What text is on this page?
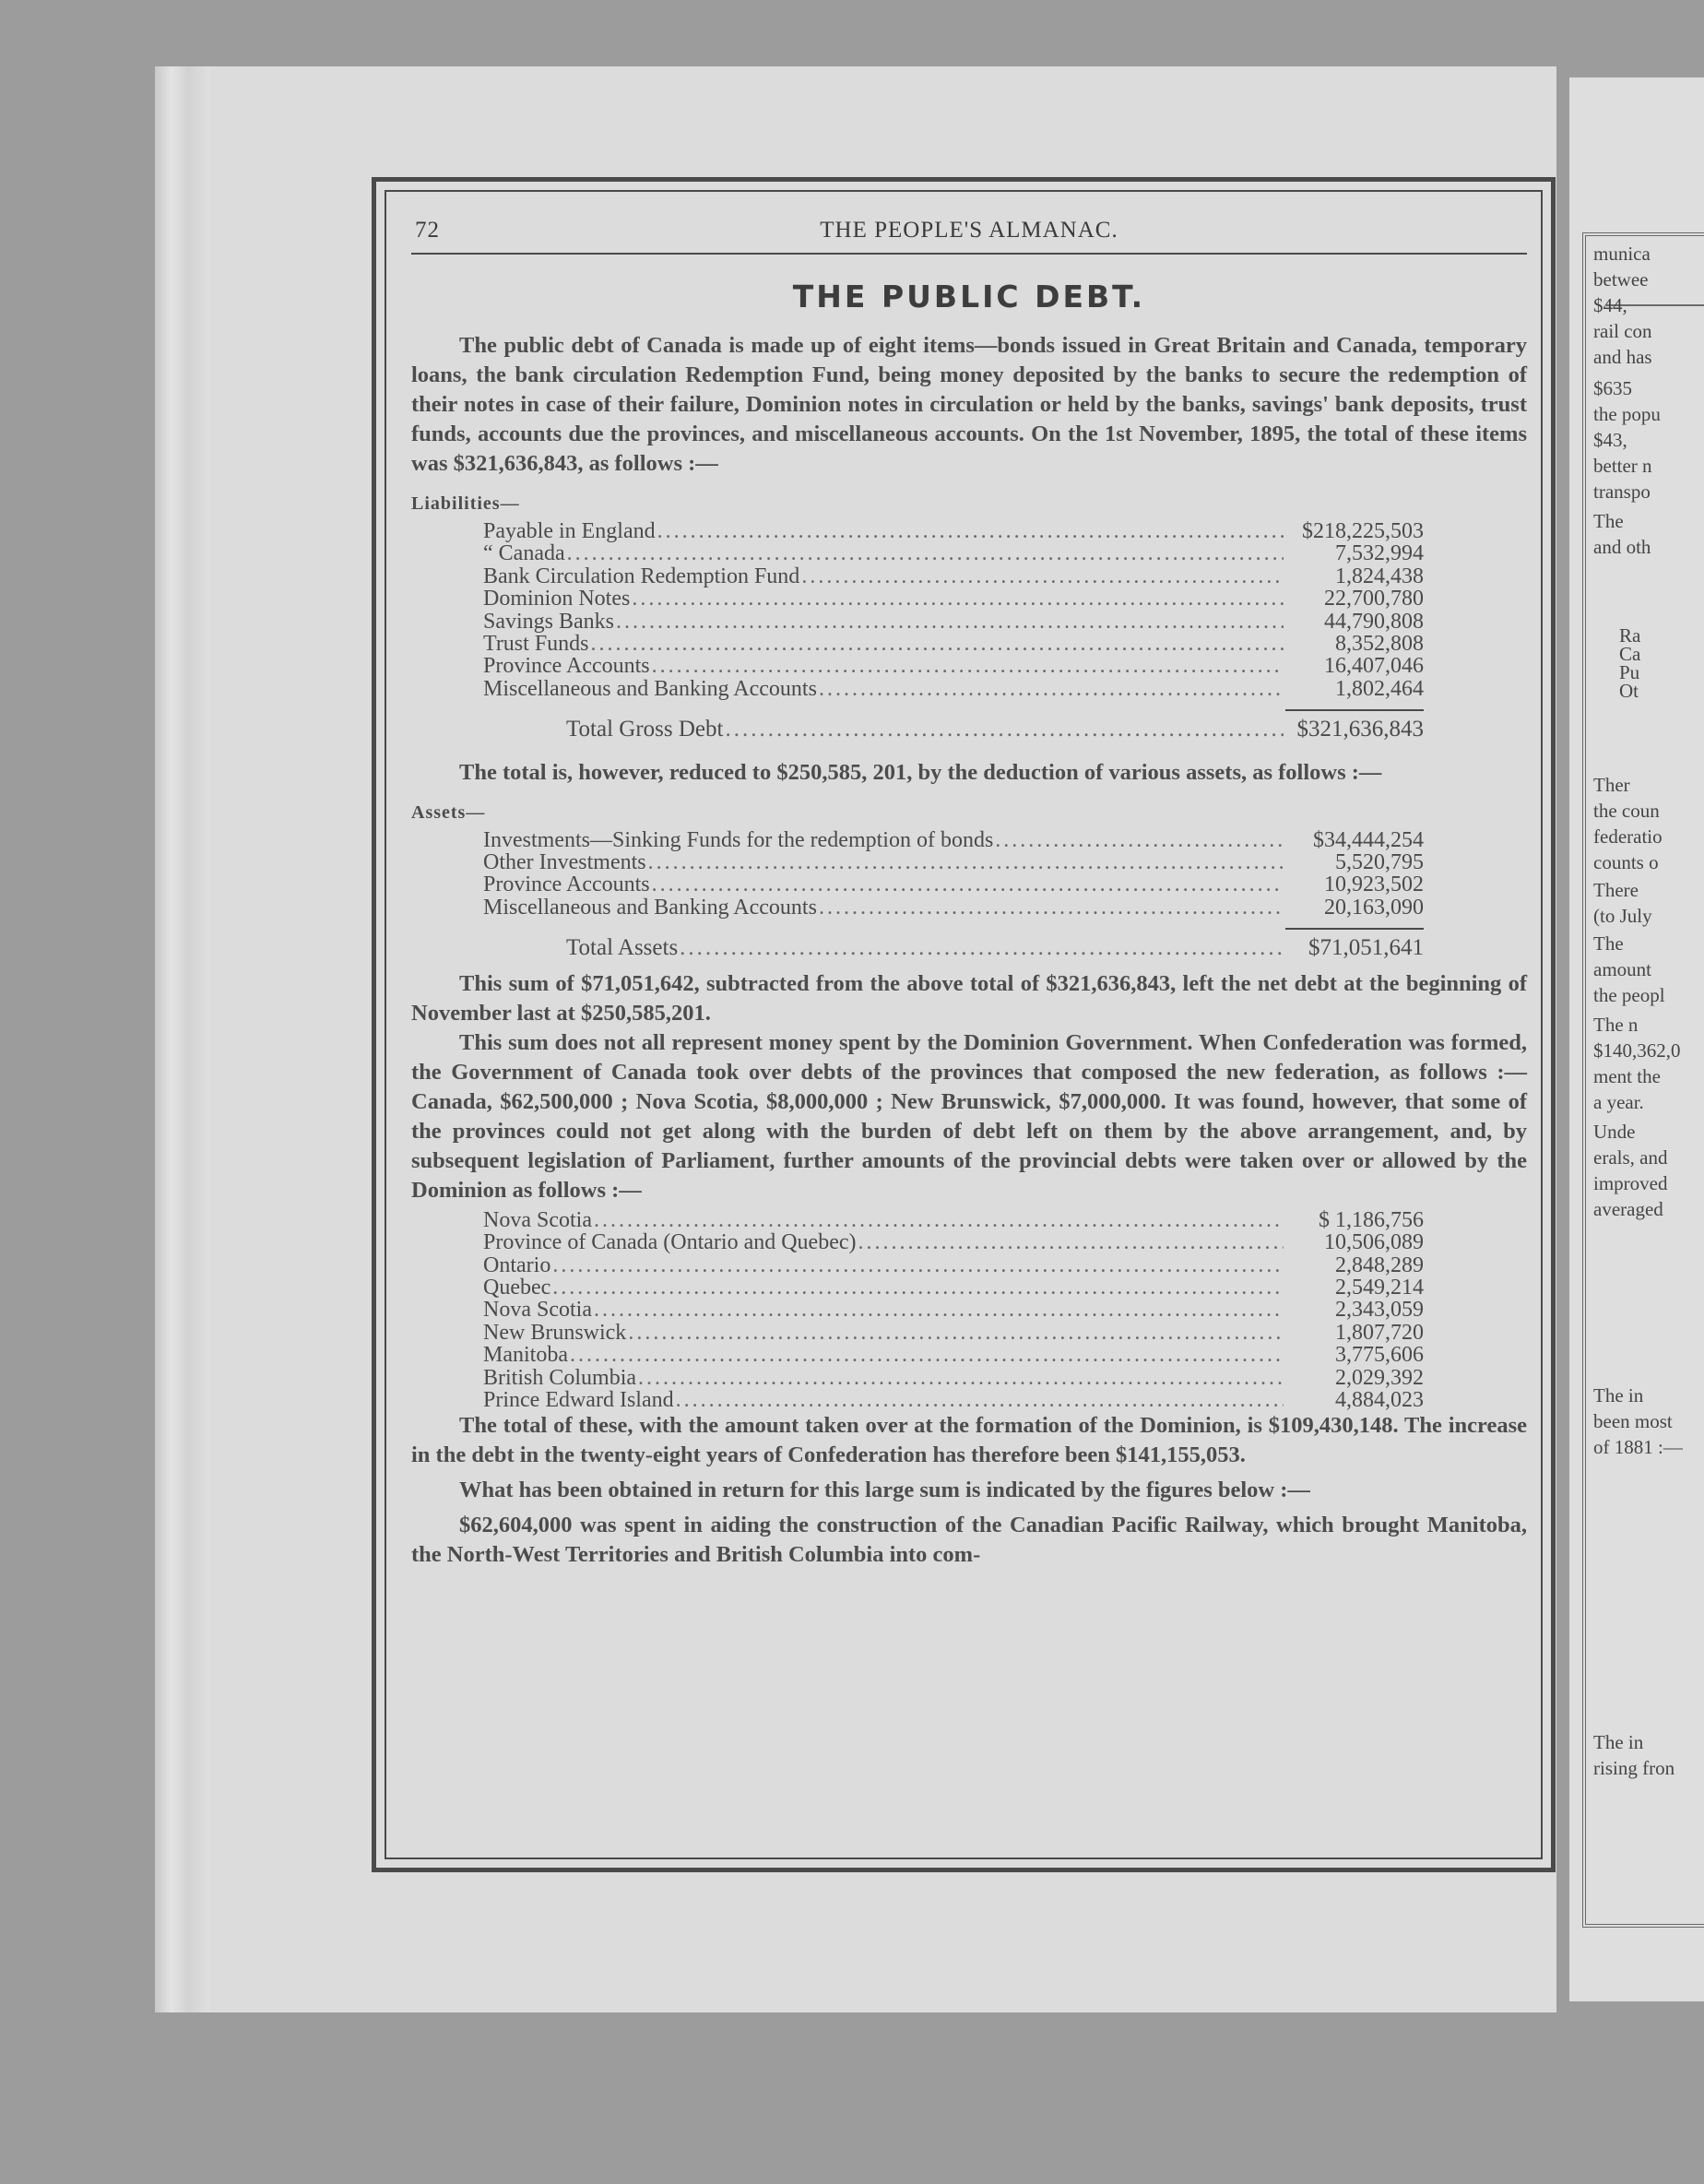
munica
betwee
$44,
rail con
and has
$635
the popu
$43,
better n
transpo
The
and oth
Ra
Ca
Pu
Ot
Ther
the coun
federatio
counts o
There
(to July
The
amount
the peopl
The n
$140,362,0
ment the
a year.
Unde
erals, and
improved
averaged
The in
been most
of 1881 :—
The in
rising fron
72	THE PEOPLE'S ALMANAC.
THE PUBLIC DEBT.

The public debt of Canada is made up of eight items—bonds issued in Great Britain and Canada, temporary loans, the bank circulation Redemption Fund, being money deposited by the banks to secure the redemption of their notes in case of their failure, Dominion notes in circulation or held by the banks, savings' bank deposits, trust funds, accounts due the provinces, and miscellaneous accounts. On the 1st November, 1895, the total of these items was $321,636,843, as follows :—

Liabilities—
Payable in England .....	$218,225,503
“ Canada .....	7,532,994
Bank Circulation Redemption Fund .....	1,824,438
Dominion Notes .....	22,700,780
Savings Banks .....	44,790,808
Trust Funds .....	8,352,808
Province Accounts .....	16,407,046
Miscellaneous and Banking Accounts .....	1,802,464
Total Gross Debt .....	$321,636,843

The total is, however, reduced to $250,585, 201, by the deduction of various assets, as follows :—

Assets—
Investments—Sinking Funds for the redemption of bonds .....	$34,444,254
Other Investments .....	5,520,795
Province Accounts .....	10,923,502
Miscellaneous and Banking Accounts .....	20,163,090
Total Assets .....	$71,051,641

This sum of $71,051,642, subtracted from the above total of $321,636,843, left the net debt at the beginning of November last at $250,585,201.

This sum does not all represent money spent by the Dominion Government. When Confederation was formed, the Government of Canada took over debts of the provinces that composed the new federation, as follows :—Canada, $62,500,000 ; Nova Scotia, $8,000,000 ; New Brunswick, $7,000,000. It was found, however, that some of the provinces could not get along with the burden of debt left on them by the above arrangement, and, by subsequent legislation of Parliament, further amounts of the provincial debts were taken over or allowed by the Dominion as follows :—

Nova Scotia .....	$ 1,186,756
Province of Canada (Ontario and Quebec) .....	10,506,089
Ontario .....	2,848,289
Quebec .....	2,549,214
Nova Scotia .....	2,343,059
New Brunswick .....	1,807,720
Manitoba .....	3,775,606
British Columbia .....	2,029,392
Prince Edward Island .....	4,884,023

The total of these, with the amount taken over at the formation of the Dominion, is $109,430,148. The increase in the debt in the twenty-eight years of Confederation has therefore been $141,155,053.

What has been obtained in return for this large sum is indicated by the figures below :—

$62,604,000 was spent in aiding the construction of the Canadian Pacific Railway, which brought Manitoba, the North-West Territories and British Columbia into com-
